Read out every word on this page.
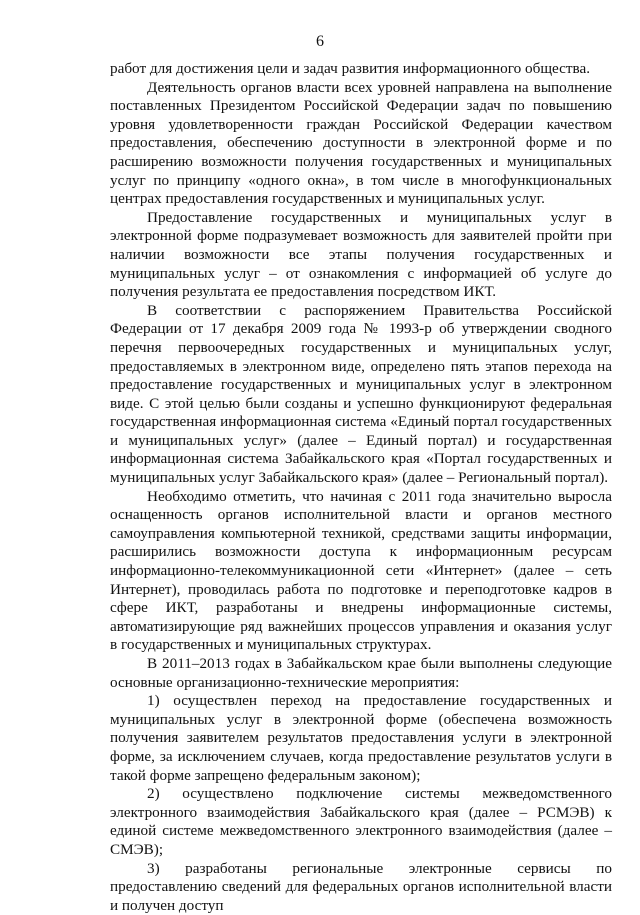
6

работ для достижения цели и задач развития информационного общества.

Деятельность органов власти всех уровней направлена на выполнение поставленных Президентом Российской Федерации задач по повышению уровня удовлетворенности граждан Российской Федерации качеством предоставления, обеспечению доступности в электронной форме и по расширению возможности получения государственных и муниципальных услуг по принципу «одного окна», в том числе в многофункциональных центрах предоставления государственных и муниципальных услуг.

Предоставление государственных и муниципальных услуг в электронной форме подразумевает возможность для заявителей пройти при наличии возможности все этапы получения государственных и муниципальных услуг – от ознакомления с информацией об услуге до получения результата ее предоставления посредством ИКТ.

В соответствии с распоряжением Правительства Российской Федерации от 17 декабря 2009 года № 1993-р об утверждении сводного перечня первоочередных государственных и муниципальных услуг, предоставляемых в электронном виде, определено пять этапов перехода на предоставление государственных и муниципальных услуг в электронном виде. С этой целью были созданы и успешно функционируют федеральная государственная информационная система «Единый портал государственных и муниципальных услуг» (далее – Единый портал) и государственная информационная система Забайкальского края «Портал государственных и муниципальных услуг Забайкальского края» (далее – Региональный портал).

Необходимо отметить, что начиная с 2011 года значительно выросла оснащенность органов исполнительной власти и органов местного самоуправления компьютерной техникой, средствами защиты информации, расширились возможности доступа к информационным ресурсам информационно-телекоммуникационной сети «Интернет» (далее – сеть Интернет), проводилась работа по подготовке и переподготовке кадров в сфере ИКТ, разработаны и внедрены информационные системы, автоматизирующие ряд важнейших процессов управления и оказания услуг в государственных и муниципальных структурах.

В 2011–2013 годах в Забайкальском крае были выполнены следующие основные организационно-технические мероприятия:

1) осуществлен переход на предоставление государственных и муниципальных услуг в электронной форме (обеспечена возможность получения заявителем результатов предоставления услуги в электронной форме, за исключением случаев, когда предоставление результатов услуги в такой форме запрещено федеральным законом);

2) осуществлено подключение системы межведомственного электронного взаимодействия Забайкальского края (далее – РСМЭВ) к единой системе межведомственного электронного взаимодействия (далее – СМЭВ);

3) разработаны региональные электронные сервисы по предоставлению сведений для федеральных органов исполнительной власти и получен доступ
